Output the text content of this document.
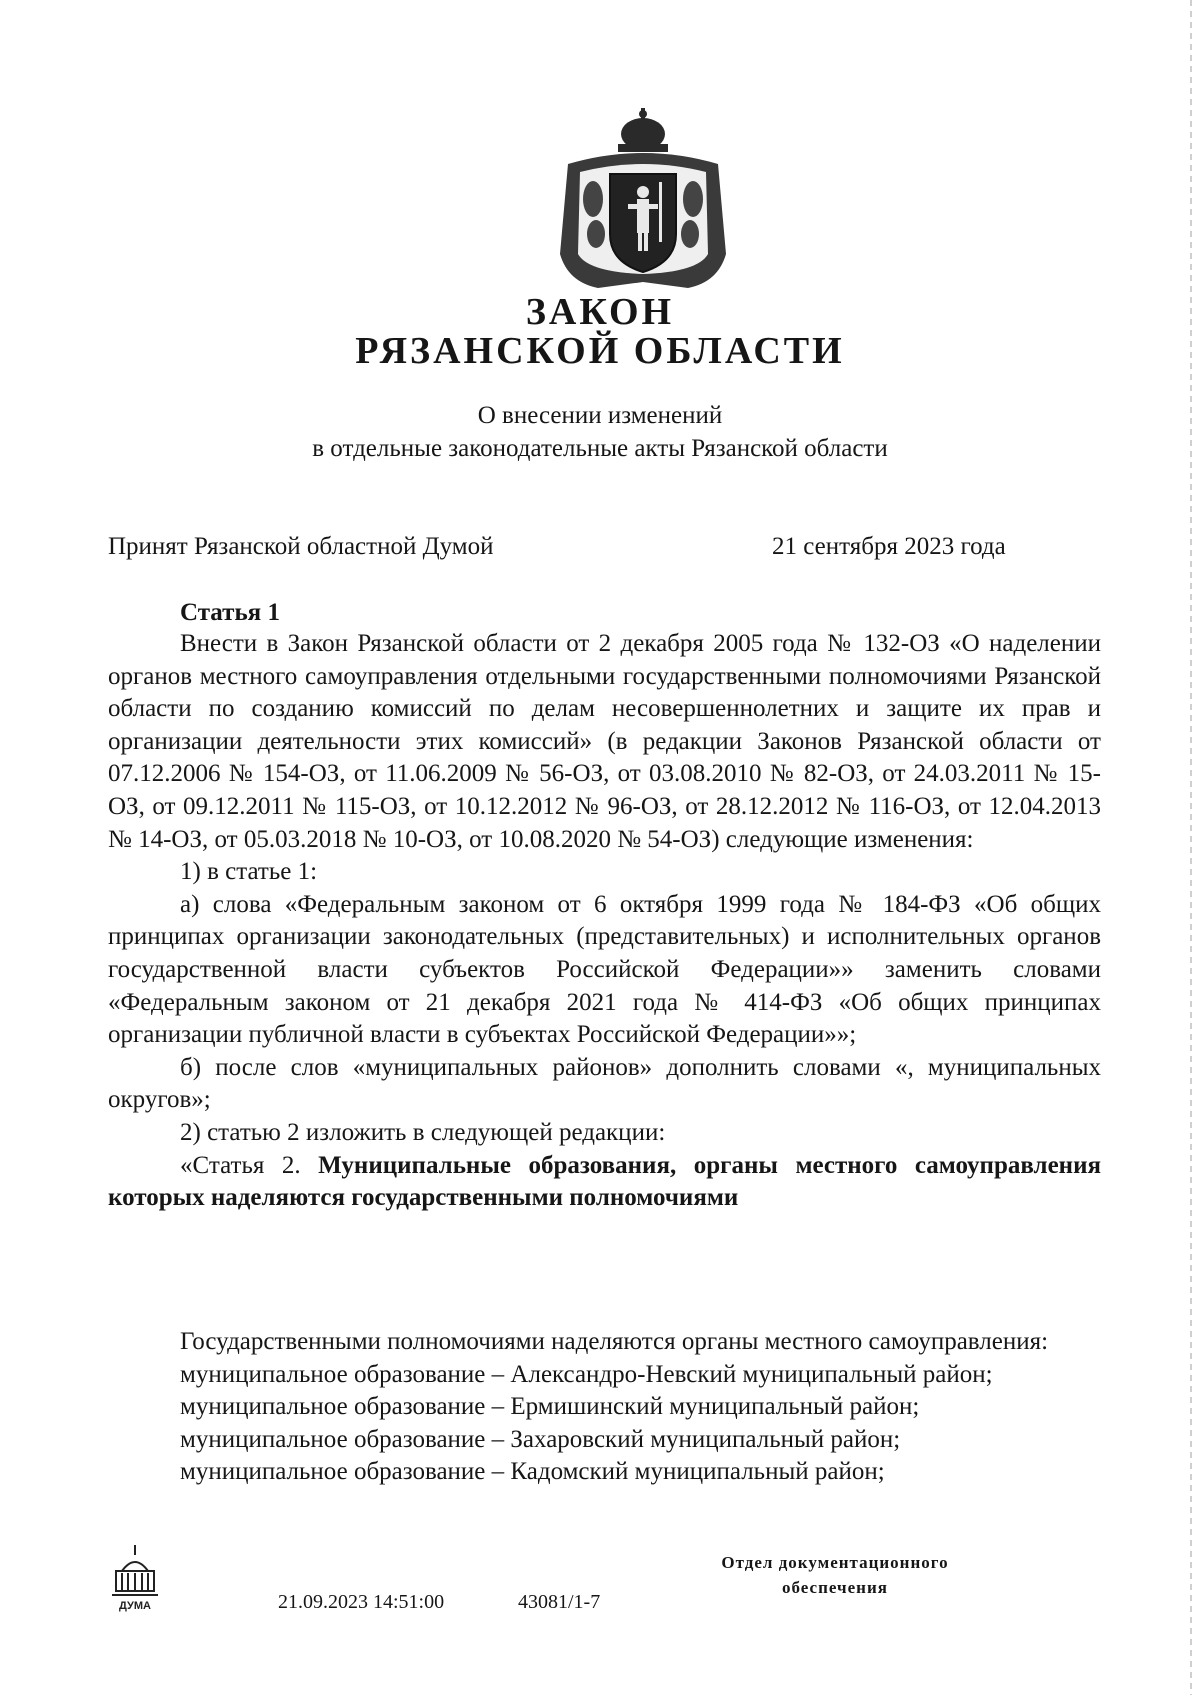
ЗАКОН
РЯЗАНСКОЙ ОБЛАСТИ
О внесении изменений
в отдельные законодательные акты Рязанской области
Принят Рязанской областной Думой	21 сентября 2023 года
Статья 1

Внести в Закон Рязанской области от 2 декабря 2005 года № 132-ОЗ «О наделении органов местного самоуправления отдельными государственными полномочиями Рязанской области по созданию комиссий по делам несовершеннолетних и защите их прав и организации деятельности этих комиссий» (в редакции Законов Рязанской области от 07.12.2006 № 154-ОЗ, от 11.06.2009 № 56-ОЗ, от 03.08.2010 № 82-ОЗ, от 24.03.2011 № 15-ОЗ, от 09.12.2011 № 115-ОЗ, от 10.12.2012 № 96-ОЗ, от 28.12.2012 № 116-ОЗ, от 12.04.2013 № 14-ОЗ, от 05.03.2018 № 10-ОЗ, от 10.08.2020 № 54-ОЗ) следующие изменения:

1) в статье 1:

а) слова «Федеральным законом от 6 октября 1999 года № 184-ФЗ «Об общих принципах организации законодательных (представительных) и исполнительных органов государственной власти субъектов Российской Федерации»» заменить словами «Федеральным законом от 21 декабря 2021 года № 414-ФЗ «Об общих принципах организации публичной власти в субъектах Российской Федерации»»;

б) после слов «муниципальных районов» дополнить словами «, муниципальных округов»;

2) статью 2 изложить в следующей редакции:

«Статья 2. Муниципальные образования, органы местного самоуправления которых наделяются государственными полномочиями

Государственными полномочиями наделяются органы местного самоуправления:

муниципальное образование – Александро-Невский муниципальный район;

муниципальное образование – Ермишинский муниципальный район;

муниципальное образование – Захаровский муниципальный район;

муниципальное образование – Кадомский муниципальный район;

ДУМА	21.09.2023 14:51:00	43081/1-7
Отдел документационного
обеспечения
